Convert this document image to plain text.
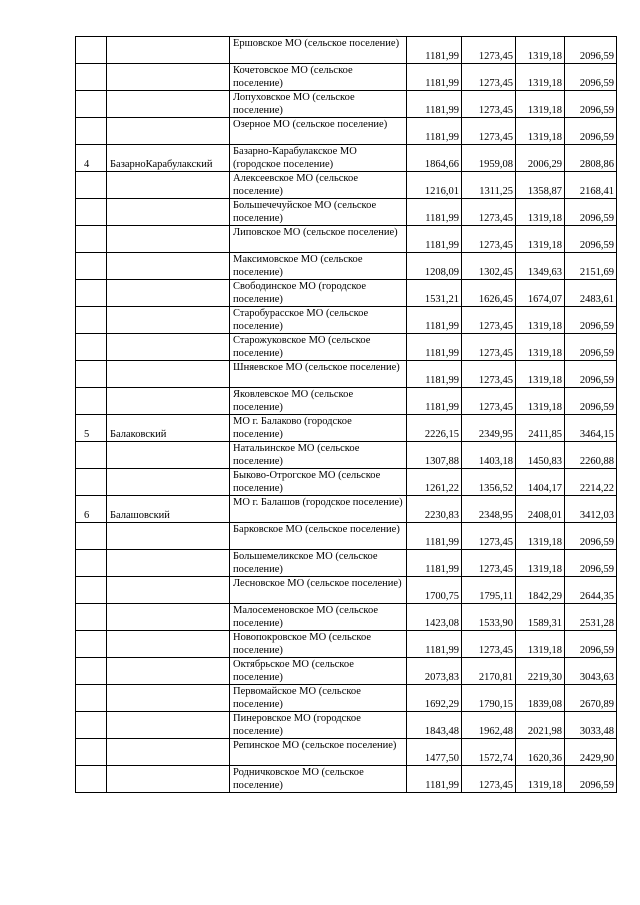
		Ершовское МО (сельское поселение)	1181,99	1273,45	1319,18	2096,59
		Кочетовское МО (сельское поселение)	1181,99	1273,45	1319,18	2096,59
		Лопуховское МО (сельское поселение)	1181,99	1273,45	1319,18	2096,59
		Озерное МО (сельское поселение)	1181,99	1273,45	1319,18	2096,59
4	БазарноКарабулакский	Базарно-Карабулакское МО (городское поселение)	1864,66	1959,08	2006,29	2808,86
		Алексеевское МО (сельское поселение)	1216,01	1311,25	1358,87	2168,41
		Большечечуйское МО (сельское поселение)	1181,99	1273,45	1319,18	2096,59
		Липовское МО (сельское поселение)	1181,99	1273,45	1319,18	2096,59
		Максимовское МО (сельское поселение)	1208,09	1302,45	1349,63	2151,69
		Свободинское МО (городское поселение)	1531,21	1626,45	1674,07	2483,61
		Старобурасское МО (сельское поселение)	1181,99	1273,45	1319,18	2096,59
		Старожуковское МО (сельское поселение)	1181,99	1273,45	1319,18	2096,59
		Шняевское МО (сельское поселение)	1181,99	1273,45	1319,18	2096,59
		Яковлевское МО (сельское поселение)	1181,99	1273,45	1319,18	2096,59
5	Балаковский	МО г. Балаково (городское поселение)	2226,15	2349,95	2411,85	3464,15
		Натальинское МО (сельское поселение)	1307,88	1403,18	1450,83	2260,88
		Быково-Отрогское МО (сельское поселение)	1261,22	1356,52	1404,17	2214,22
6	Балашовский	МО г. Балашов (городское поселение)	2230,83	2348,95	2408,01	3412,03
		Барковское МО (сельское поселение)	1181,99	1273,45	1319,18	2096,59
		Большемеликское МО (сельское поселение)	1181,99	1273,45	1319,18	2096,59
		Лесновское МО (сельское поселение)	1700,75	1795,11	1842,29	2644,35
		Малосеменовское МО (сельское поселение)	1423,08	1533,90	1589,31	2531,28
		Новопокровское МО (сельское поселение)	1181,99	1273,45	1319,18	2096,59
		Октябрьское МО (сельское поселение)	2073,83	2170,81	2219,30	3043,63
		Первомайское МО (сельское поселение)	1692,29	1790,15	1839,08	2670,89
		Пинеровское МО (городское поселение)	1843,48	1962,48	2021,98	3033,48
		Репинское МО (сельское поселение)	1477,50	1572,74	1620,36	2429,90
		Родничковское МО (сельское поселение)	1181,99	1273,45	1319,18	2096,59
